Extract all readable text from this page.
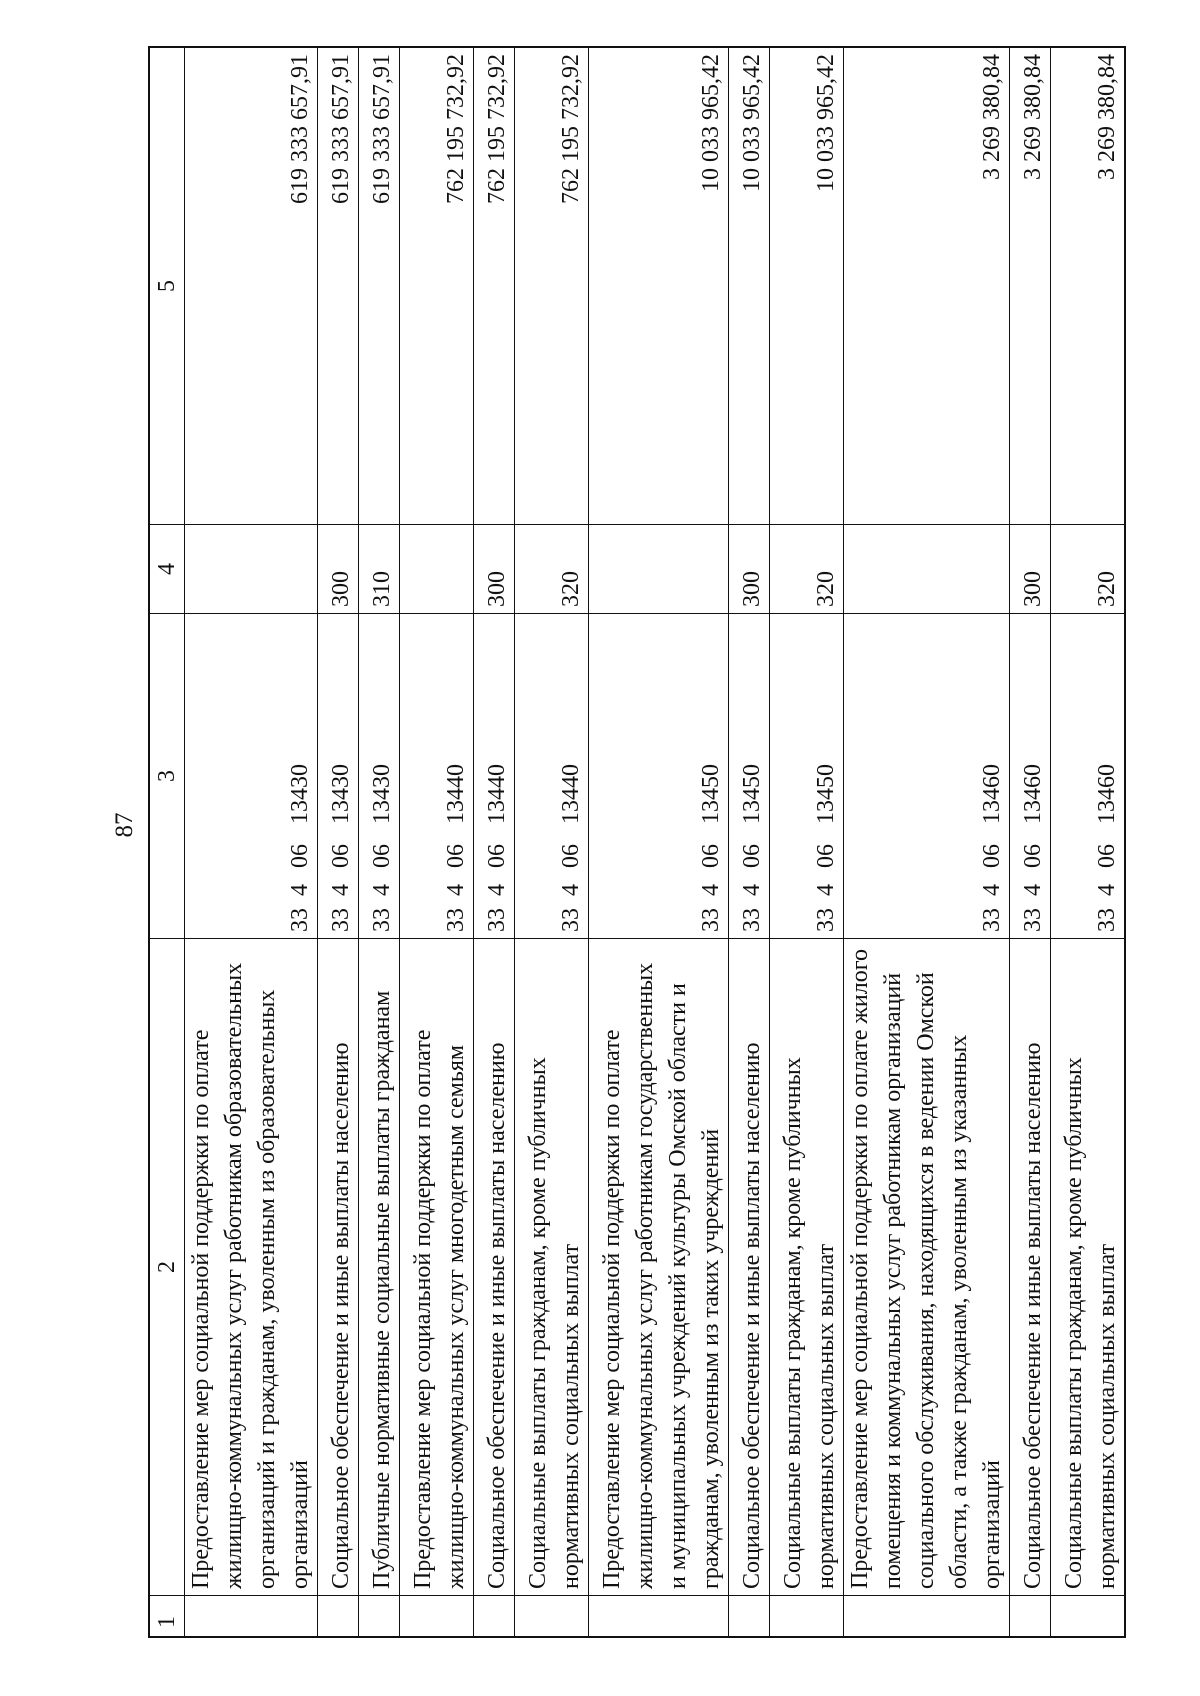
87
1	2	3	4	5
	Предоставление мер социальной поддержки по оплате жилищно-коммунальных услуг работникам образовательных организаций и гражданам, уволенным из образовательных организаций	3340613430		619 333 657,91
	Социальное обеспечение и иные выплаты населению	3340613430	300	619 333 657,91
	Публичные нормативные социальные выплаты гражданам	3340613430	310	619 333 657,91
	Предоставление мер социальной поддержки по оплате жилищно-коммунальных услуг многодетным семьям	3340613440		762 195 732,92
	Социальное обеспечение и иные выплаты населению	3340613440	300	762 195 732,92
	Социальные выплаты гражданам, кроме публичных нормативных социальных выплат	3340613440	320	762 195 732,92
	Предоставление мер социальной поддержки по оплате жилищно-коммунальных услуг работникам государственных и муниципальных учреждений культуры Омской области и гражданам, уволенным из таких учреждений	3340613450		10 033 965,42
	Социальное обеспечение и иные выплаты населению	3340613450	300	10 033 965,42
	Социальные выплаты гражданам, кроме публичных нормативных социальных выплат	3340613450	320	10 033 965,42
	Предоставление мер социальной поддержки по оплате жилого помещения и коммунальных услуг работникам организаций социального обслуживания, находящихся в ведении Омской области, а также гражданам, уволенным из указанных организаций	3340613460		3 269 380,84
	Социальное обеспечение и иные выплаты населению	3340613460	300	3 269 380,84
	Социальные выплаты гражданам, кроме публичных нормативных социальных выплат	3340613460	320	3 269 380,84
